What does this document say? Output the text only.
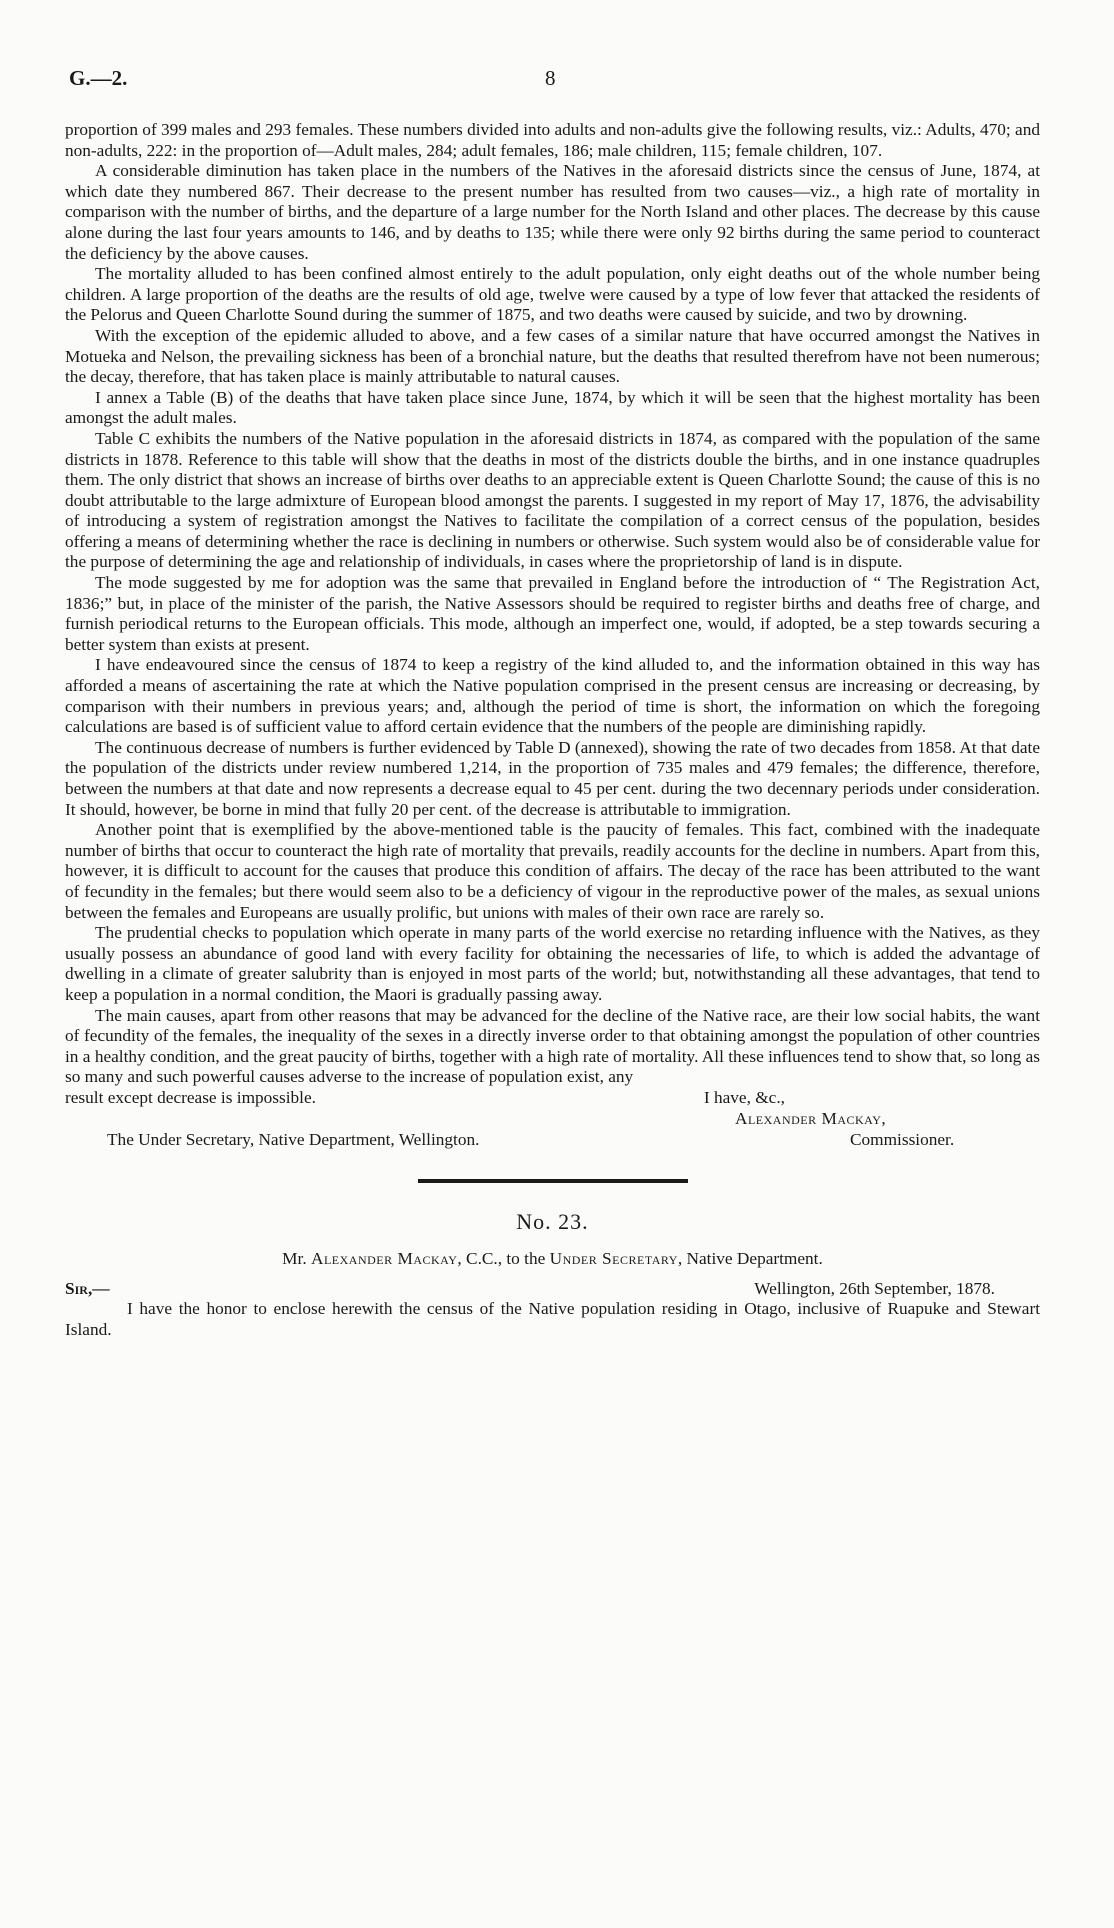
G.—2.	8

proportion of 399 males and 293 females. These numbers divided into adults and non-adults give the following results, viz.: Adults, 470; and non-adults, 222: in the proportion of—Adult males, 284; adult females, 186; male children, 115; female children, 107.

A considerable diminution has taken place in the numbers of the Natives in the aforesaid districts since the census of June, 1874, at which date they numbered 867. Their decrease to the present number has resulted from two causes—viz., a high rate of mortality in comparison with the number of births, and the departure of a large number for the North Island and other places. The decrease by this cause alone during the last four years amounts to 146, and by deaths to 135; while there were only 92 births during the same period to counteract the deficiency by the above causes.

The mortality alluded to has been confined almost entirely to the adult population, only eight deaths out of the whole number being children. A large proportion of the deaths are the results of old age, twelve were caused by a type of low fever that attacked the residents of the Pelorus and Queen Charlotte Sound during the summer of 1875, and two deaths were caused by suicide, and two by drowning.

With the exception of the epidemic alluded to above, and a few cases of a similar nature that have occurred amongst the Natives in Motueka and Nelson, the prevailing sickness has been of a bronchial nature, but the deaths that resulted therefrom have not been numerous; the decay, therefore, that has taken place is mainly attributable to natural causes.

I annex a Table (B) of the deaths that have taken place since June, 1874, by which it will be seen that the highest mortality has been amongst the adult males.

Table C exhibits the numbers of the Native population in the aforesaid districts in 1874, as compared with the population of the same districts in 1878. Reference to this table will show that the deaths in most of the districts double the births, and in one instance quadruples them. The only district that shows an increase of births over deaths to an appreciable extent is Queen Charlotte Sound; the cause of this is no doubt attributable to the large admixture of European blood amongst the parents. I suggested in my report of May 17, 1876, the advisability of introducing a system of registration amongst the Natives to facilitate the compilation of a correct census of the population, besides offering a means of determining whether the race is declining in numbers or otherwise. Such system would also be of considerable value for the purpose of determining the age and relationship of individuals, in cases where the proprietorship of land is in dispute.

The mode suggested by me for adoption was the same that prevailed in England before the introduction of “ The Registration Act, 1836;” but, in place of the minister of the parish, the Native Assessors should be required to register births and deaths free of charge, and furnish periodical returns to the European officials. This mode, although an imperfect one, would, if adopted, be a step towards securing a better system than exists at present.

I have endeavoured since the census of 1874 to keep a registry of the kind alluded to, and the information obtained in this way has afforded a means of ascertaining the rate at which the Native population comprised in the present census are increasing or decreasing, by comparison with their numbers in previous years; and, although the period of time is short, the information on which the foregoing calculations are based is of sufficient value to afford certain evidence that the numbers of the people are diminishing rapidly.

The continuous decrease of numbers is further evidenced by Table D (annexed), showing the rate of two decades from 1858. At that date the population of the districts under review numbered 1,214, in the proportion of 735 males and 479 females; the difference, therefore, between the numbers at that date and now represents a decrease equal to 45 per cent. during the two decennary periods under consideration. It should, however, be borne in mind that fully 20 per cent. of the decrease is attributable to immigration.

Another point that is exemplified by the above-mentioned table is the paucity of females. This fact, combined with the inadequate number of births that occur to counteract the high rate of mortality that prevails, readily accounts for the decline in numbers. Apart from this, however, it is difficult to account for the causes that produce this condition of affairs. The decay of the race has been attributed to the want of fecundity in the females; but there would seem also to be a deficiency of vigour in the reproductive power of the males, as sexual unions between the females and Europeans are usually prolific, but unions with males of their own race are rarely so.

The prudential checks to population which operate in many parts of the world exercise no retarding influence with the Natives, as they usually possess an abundance of good land with every facility for obtaining the necessaries of life, to which is added the advantage of dwelling in a climate of greater salubrity than is enjoyed in most parts of the world; but, notwithstanding all these advantages, that tend to keep a population in a normal condition, the Maori is gradually passing away.

The main causes, apart from other reasons that may be advanced for the decline of the Native race, are their low social habits, the want of fecundity of the females, the inequality of the sexes in a directly inverse order to that obtaining amongst the population of other countries in a healthy condition, and the great paucity of births, together with a high rate of mortality. All these influences tend to show that, so long as so many and such powerful causes adverse to the increase of population exist, any

result except decrease is impossible.	I have, &c.,
Alexander Mackay,
The Under Secretary, Native Department, Wellington.	Commissioner.
No. 23.
Mr. Alexander Mackay, C.C., to the Under Secretary, Native Department.
Sir,—	Wellington, 26th September, 1878.

I have the honor to enclose herewith the census of the Native population residing in Otago, inclusive of Ruapuke and Stewart Island.
